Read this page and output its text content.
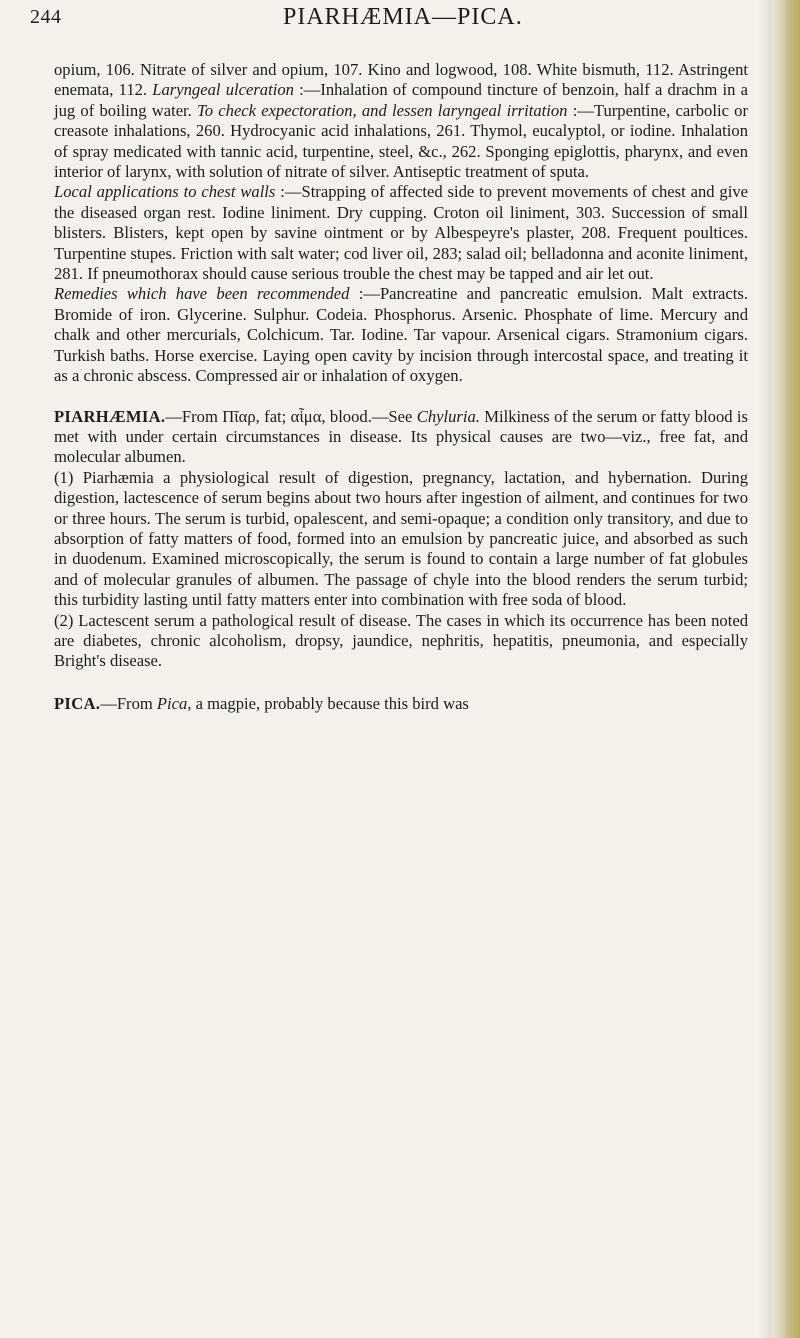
244	PIARHÆMIA—PICA.

opium, 106. Nitrate of silver and opium, 107. Kino and logwood, 108. White bismuth, 112. Astringent enemata, 112. Laryngeal ulceration :—Inhalation of compound tincture of benzoin, half a drachm in a jug of boiling water. To check expectoration, and lessen laryngeal irritation :—Turpentine, carbolic or creasote inhalations, 260. Hydrocyanic acid inhalations, 261. Thymol, eucalyptol, or iodine. Inhalation of spray medicated with tannic acid, turpentine, steel, &c., 262. Sponging epiglottis, pharynx, and even interior of larynx, with solution of nitrate of silver. Antiseptic treatment of sputa.

Local applications to chest walls :—Strapping of affected side to prevent movements of chest and give the diseased organ rest. Iodine liniment. Dry cupping. Croton oil liniment, 303. Succession of small blisters. Blisters, kept open by savine ointment or by Albespeyre's plaster, 208. Frequent poultices. Turpentine stupes. Friction with salt water; cod liver oil, 283; salad oil; belladonna and aconite liniment, 281. If pneumothorax should cause serious trouble the chest may be tapped and air let out.

Remedies which have been recommended :—Pancreatine and pancreatic emulsion. Malt extracts. Bromide of iron. Glycerine. Sulphur. Codeia. Phosphorus. Arsenic. Phosphate of lime. Mercury and chalk and other mercurials, Colchicum. Tar. Iodine. Tar vapour. Arsenical cigars. Stramonium cigars. Turkish baths. Horse exercise. Laying open cavity by incision through intercostal space, and treating it as a chronic abscess. Compressed air or inhalation of oxygen.

PIARHÆMIA.—From Πῖαρ, fat; αἷμα, blood.—See Chyluria. Milkiness of the serum or fatty blood is met with under certain circumstances in disease. Its physical causes are two—viz., free fat, and molecular albumen.

(1) Piarhæmia a physiological result of digestion, pregnancy, lactation, and hybernation. During digestion, lactescence of serum begins about two hours after ingestion of ailment, and continues for two or three hours. The serum is turbid, opalescent, and semi-opaque; a condition only transitory, and due to absorption of fatty matters of food, formed into an emulsion by pancreatic juice, and absorbed as such in duodenum. Examined microscopically, the serum is found to contain a large number of fat globules and of molecular granules of albumen. The passage of chyle into the blood renders the serum turbid; this turbidity lasting until fatty matters enter into combination with free soda of blood.

(2) Lactescent serum a pathological result of disease. The cases in which its occurrence has been noted are diabetes, chronic alcoholism, dropsy, jaundice, nephritis, hepatitis, pneumonia, and especially Bright's disease.

PICA.—From Pica, a magpie, probably because this bird was
